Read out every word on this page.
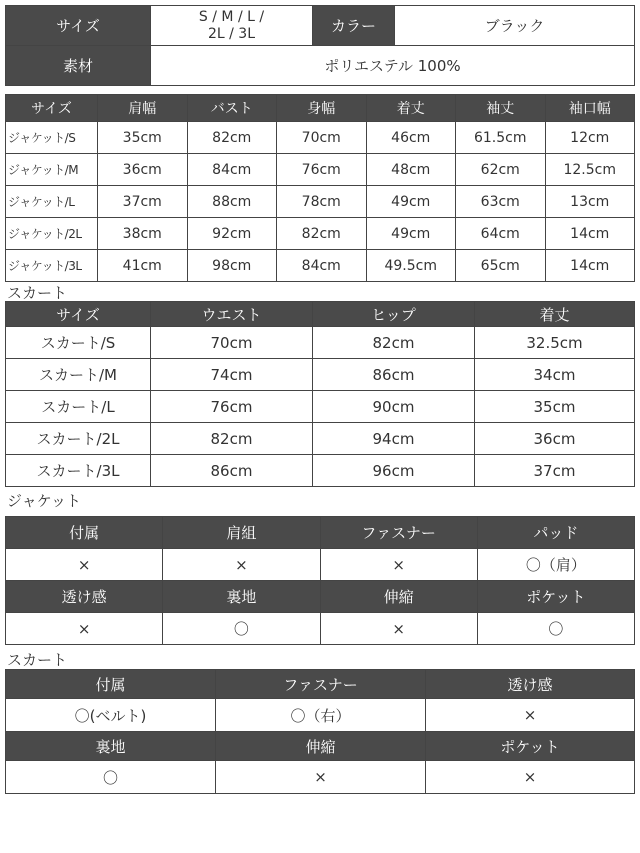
サイズ	S / M / L /
2L / 3L	カラー	ブラック
素材	ポリエステル 100%		
サイズ	肩幅	バスト	身幅	着丈	袖丈	袖口幅
ジャケット/S	35cm	82cm	70cm	46cm	61.5cm	12cm
ジャケット/M	36cm	84cm	76cm	48cm	62cm	12.5cm
ジャケット/L	37cm	88cm	78cm	49cm	63cm	13cm
ジャケット/2L	38cm	92cm	82cm	49cm	64cm	14cm
ジャケット/3L	41cm	98cm	84cm	49.5cm	65cm	14cm
スカート
サイズ	ウエスト	ヒップ	着丈
スカート/S	70cm	82cm	32.5cm
スカート/M	74cm	86cm	34cm
スカート/L	76cm	90cm	35cm
スカート/2L	82cm	94cm	36cm
スカート/3L	86cm	96cm	37cm
ジャケット
付属	肩組	ファスナー	パッド
×	×	×	〇（肩）
透け感	裏地	伸縮	ポケット
×	〇	×	〇
スカート
付属	ファスナー	透け感
〇(ベルト)	〇（右）	×
裏地	伸縮	ポケット
〇	×	×
